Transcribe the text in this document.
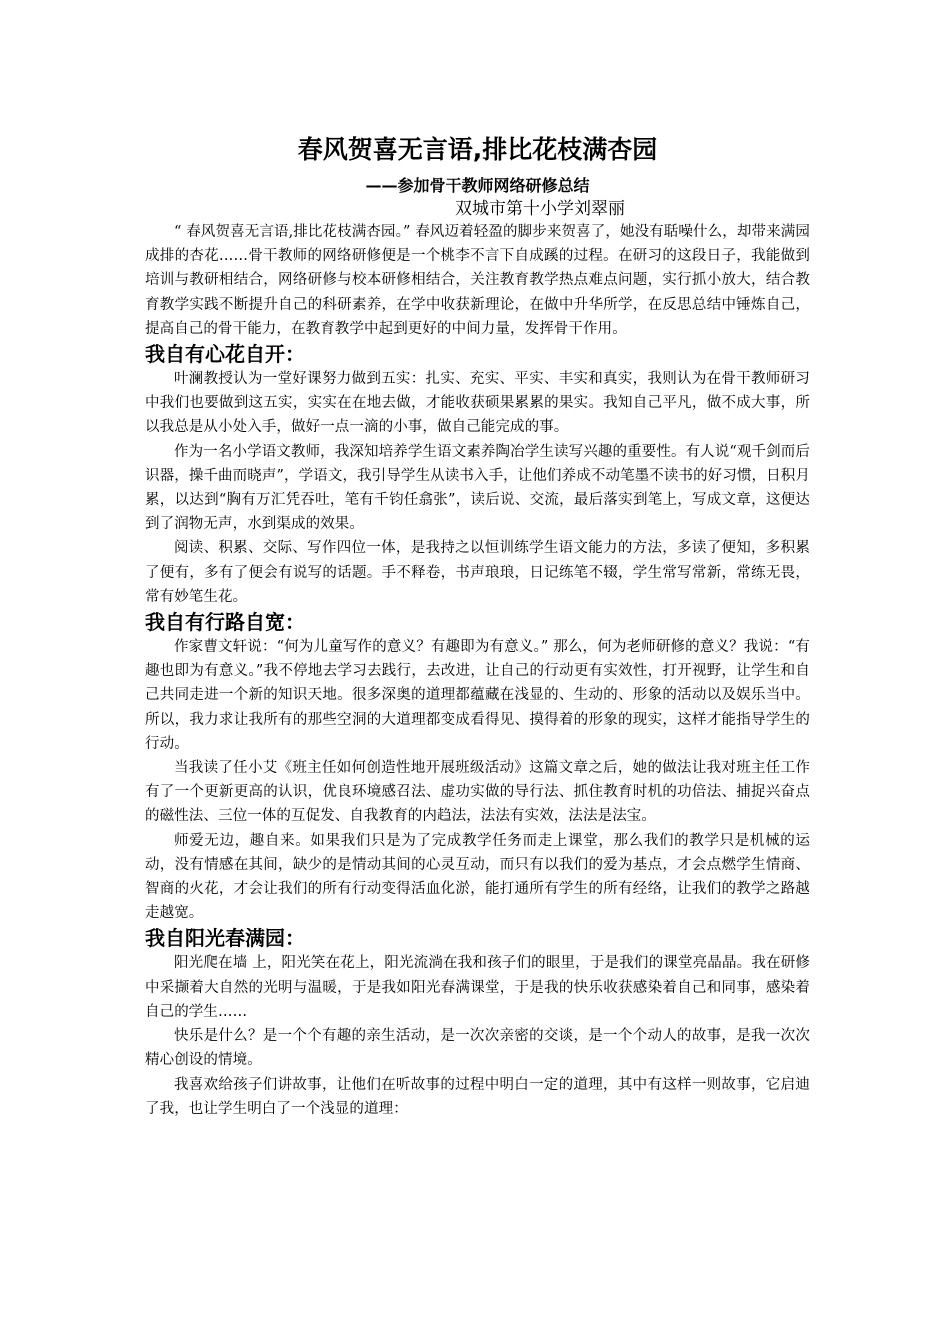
春风贺喜无言语,排比花枝满杏园
——参加骨干教师网络研修总结
双城市第十小学刘翠丽

“ 春风贺喜无言语,排比花枝满杏园。” 春风迈着轻盈的脚步来贺喜了，她没有聒噪什么，却带来满园成排的杏花……骨干教师的网络研修便是一个桃李不言下自成蹊的过程。在研习的这段日子，我能做到培训与教研相结合，网络研修与校本研修相结合，关注教育教学热点难点问题，实行抓小放大，结合教育教学实践不断提升自己的科研素养，在学中收获新理论，在做中升华所学，在反思总结中锤炼自己，提高自己的骨干能力，在教育教学中起到更好的中间力量，发挥骨干作用。

我自有心花自开：

叶澜教授认为一堂好课努力做到五实：扎实、充实、平实、丰实和真实，我则认为在骨干教师研习中我们也要做到这五实，实实在在地去做，才能收获硕果累累的果实。我知自己平凡，做不成大事，所以我总是从小处入手，做好一点一滴的小事，做自己能完成的事。

作为一名小学语文教师，我深知培养学生语文素养陶冶学生读写兴趣的重要性。有人说“观千剑而后识器，操千曲而晓声”，学语文，我引导学生从读书入手，让他们养成不动笔墨不读书的好习惯，日积月累，以达到“胸有万汇凭吞吐，笔有千钧任翕张”，读后说、交流，最后落实到笔上，写成文章，这便达到了润物无声，水到渠成的效果。

阅读、积累、交际、写作四位一体，是我持之以恒训练学生语文能力的方法，多读了便知，多积累了便有，多有了便会有说写的话题。手不释卷，书声琅琅，日记练笔不辍，学生常写常新，常练无畏，常有妙笔生花。

我自有行路自宽：

作家曹文轩说：“何为儿童写作的意义？有趣即为有意义。” 那么，何为老师研修的意义？我说：“有趣也即为有意义。”我不停地去学习去践行，去改进，让自己的行动更有实效性，打开视野，让学生和自己共同走进一个新的知识天地。很多深奥的道理都蕴藏在浅显的、生动的、形象的活动以及娱乐当中。所以，我力求让我所有的那些空洞的大道理都变成看得见、摸得着的形象的现实，这样才能指导学生的行动。

当我读了任小艾《班主任如何创造性地开展班级活动》这篇文章之后，她的做法让我对班主任工作有了一个更新更高的认识，优良环境感召法、虚功实做的导行法、抓住教育时机的功倍法、捕捉兴奋点的磁性法、三位一体的互促发、自我教育的内趋法，法法有实效，法法是法宝。

师爱无边，趣自来。如果我们只是为了完成教学任务而走上课堂，那么我们的教学只是机械的运动，没有情感在其间，缺少的是情动其间的心灵互动，而只有以我们的爱为基点，才会点燃学生情商、智商的火花，才会让我们的所有行动变得活血化淤，能打通所有学生的所有经络，让我们的教学之路越走越宽。

我自阳光春满园：

阳光爬在墙 上，阳光笑在花上，阳光流淌在我和孩子们的眼里，于是我们的课堂亮晶晶。我在研修中采撷着大自然的光明与温暖，于是我如阳光春满课堂，于是我的快乐收获感染着自己和同事，感染着自己的学生……

快乐是什么？是一个个有趣的亲生活动，是一次次亲密的交谈，是一个个动人的故事，是我一次次精心创设的情境。

我喜欢给孩子们讲故事，让他们在听故事的过程中明白一定的道理，其中有这样一则故事，它启迪了我，也让学生明白了一个浅显的道理：
